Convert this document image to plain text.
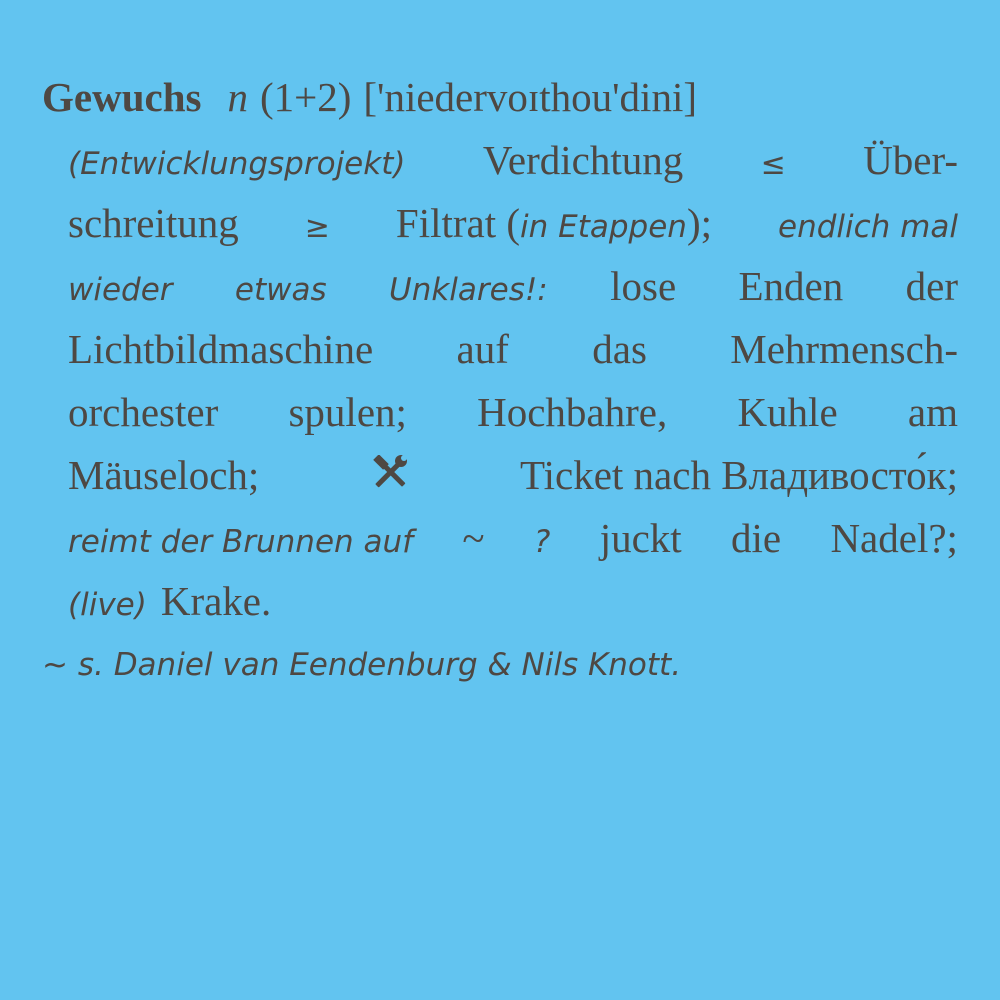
Gewuchs n (1+2) ['niedervoɪthou'dini]
(Entwicklungsprojekt) Verdichtung	≤ Über-
schreitung ≥ Filtrat (in Etappen); endlich mal
wieder etwas Unklares!: lose Enden der
Lichtbildmaschine auf das Mehrmensch-
orchester spulen; Hochbahre, Kuhle am
Mäuseloch;	Ticket nach Владивосто́к;
reimt der Brunnen auf ~ ? juckt die Nadel?;
(live) Krake.
~ s. Daniel van Eendenburg & Nils Knott.
